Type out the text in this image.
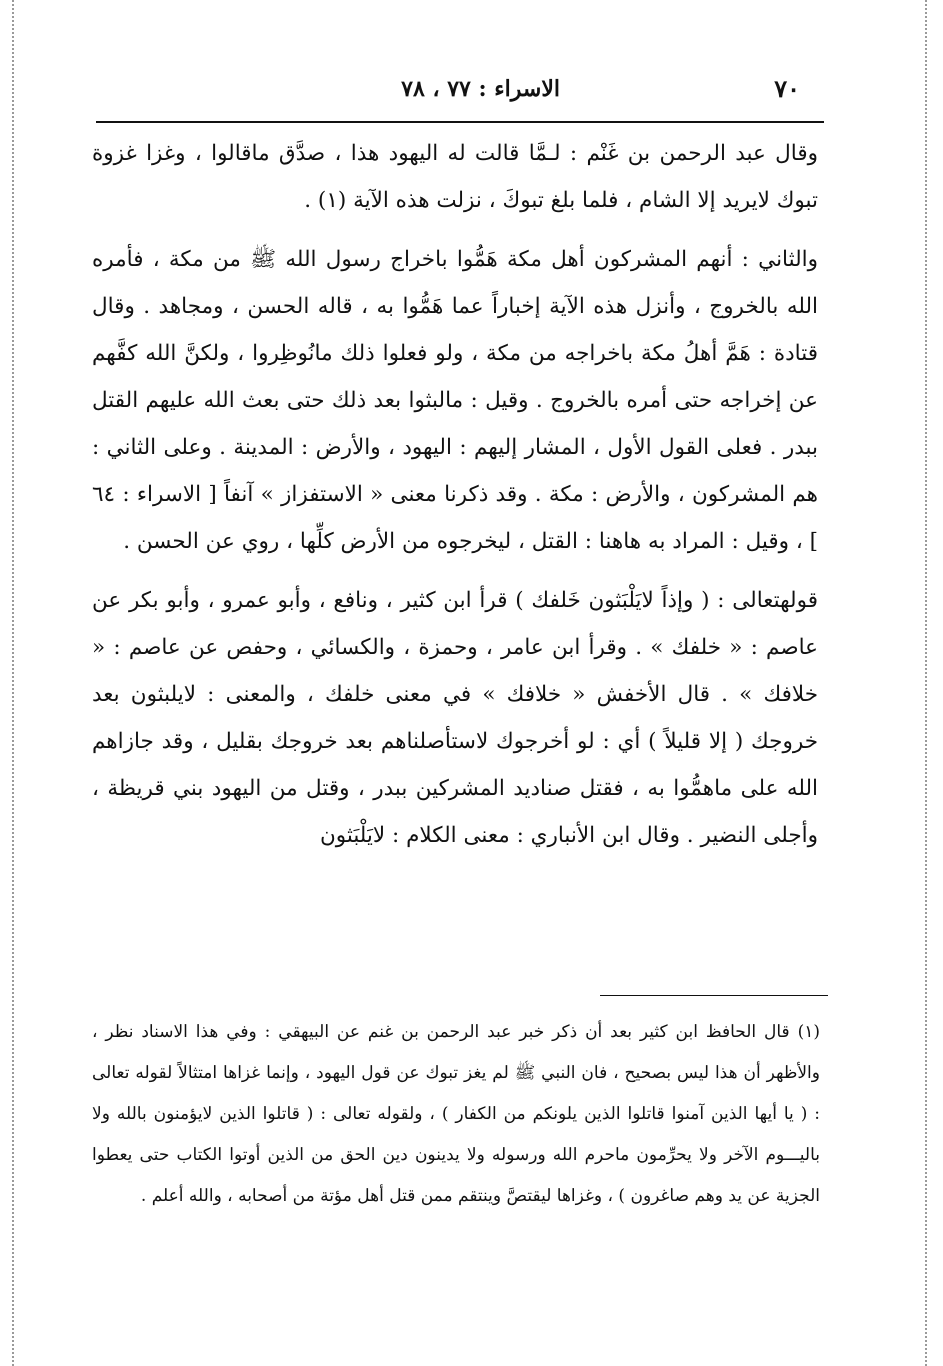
٧٠
الاسراء : ٧٧ ، ٧٨

وقال عبد الرحمن بن غَنْم : لـمَّا قالت له اليهود هذا ، صدَّق ماقالوا ، وغزا غزوة تبوك لايريد إلا الشام ، فلما بلغ تبوكَ ، نزلت هذه الآية (١) .

والثاني : أنهم المشركون أهل مكة هَمُّوا باخراج رسول الله ﷺ من مكة ، فأمره الله بالخروج ، وأنزل هذه الآية إخباراً عما هَمُّوا به ، قاله الحسن ، ومجاهد . وقال قتادة : هَمَّ أهلُ مكة باخراجه من مكة ، ولو فعلوا ذلك مانُوظِروا ، ولكنَّ الله كفَّهم عن إخراجه حتى أمره بالخروج . وقيل : مالبثوا بعد ذلك حتى بعث الله عليهم القتل ببدر . فعلى القول الأول ، المشار إليهم : اليهود ، والأرض : المدينة . وعلى الثاني : هم المشركون ، والأرض : مكة . وقد ذكرنا معنى « الاستفزاز » آنفاً [ الاسراء : ٦٤ ] ، وقيل : المراد به هاهنا : القتل ، ليخرجوه من الأرض كلِّها ، روي عن الحسن .

قولهتعالى : ( وإذاً لايَلْبَثون خَلفك ) قرأ ابن كثير ، ونافع ، وأبو عمرو ، وأبو بكر عن عاصم : « خلفك » . وقرأ ابن عامر ، وحمزة ، والكسائي ، وحفص عن عاصم : « خلافك » . قال الأخفش « خلافك » في معنى خلفك ، والمعنى : لايلبثون بعد خروجك ( إلا قليلاً ) أي : لو أخرجوك لاستأصلناهم بعد خروجك بقليل ، وقد جازاهم الله على ماهمُّوا به ، فقتل صناديد المشركين ببدر ، وقتل من اليهود بني قريظة ، وأجلى النضير . وقال ابن الأنباري : معنى الكلام : لايَلْبَثون

(١) قال الحافظ ابن كثير بعد أن ذكر خبر عبد الرحمن بن غنم عن البيهقي : وفي هذا الاسناد نظر ، والأظهر أن هذا ليس بصحيح ، فان النبي ﷺ لم يغز تبوك عن قول اليهود ، وإنما غزاها امتثالاً لقوله تعالى : ( يا أيها الذين آمنوا قاتلوا الذين يلونكم من الكفار ) ، ولقوله تعالى : ( قاتلوا الذين لايؤمنون بالله ولا باليـــوم الآخر ولا يحرِّمون ماحرم الله ورسوله ولا يدينون دين الحق من الذين أوتوا الكتاب حتى يعطوا الجزية عن يد وهم صاغرون ) ، وغزاها ليقتصَّ وينتقم ممن قتل أهل مؤتة من أصحابه ، والله أعلم .
